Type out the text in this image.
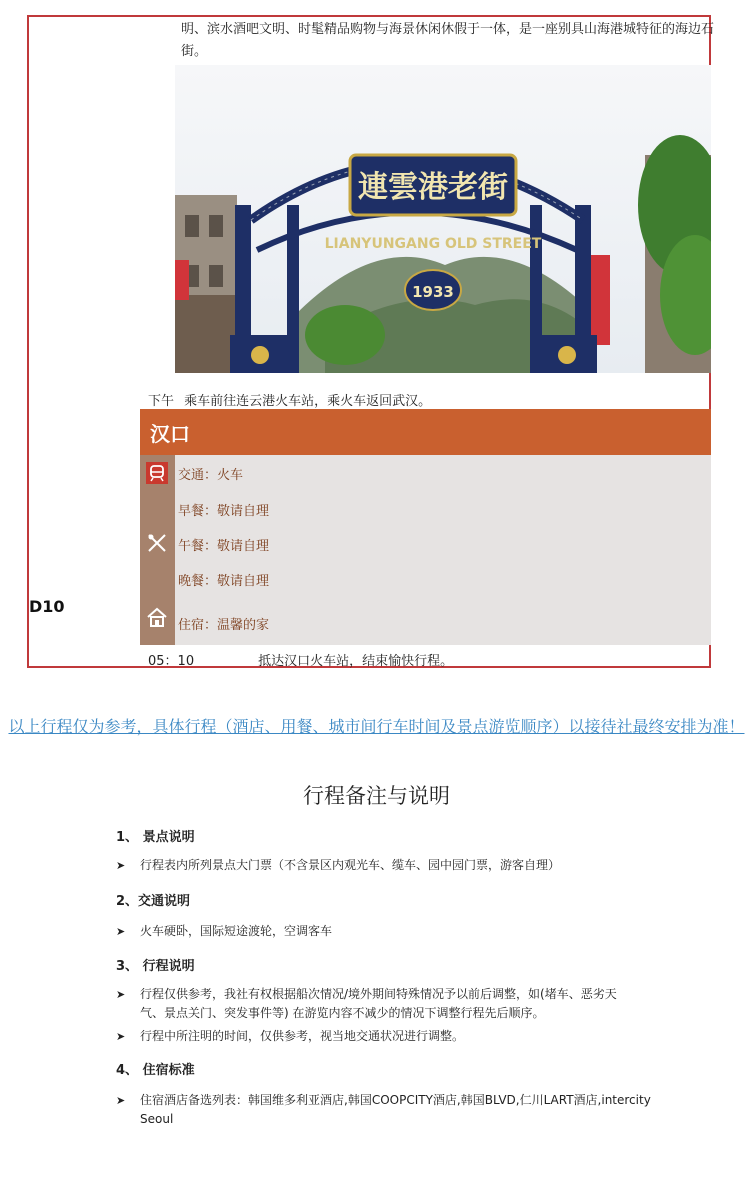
明、滨水酒吧文明、时髦精品购物与海景休闲休假于一体，是一座别具山海港城特征的海边石街。
連雲港老街
LIANYUNGANG OLD STREET
1933
下午 乘车前往连云港火车站，乘火车返回武汉。
汉口
交通：火车
早餐：敬请自理
午餐：敬请自理
晚餐：敬请自理
住宿：温馨的家
D10
05：10	抵达汉口火车站，结束愉快行程。
以上行程仅为参考，具体行程（酒店、用餐、城市间行车时间及景点游览顺序）以接待社最终安排为准！
行程备注与说明
1、 景点说明
➤ 行程表内所列景点大门票（不含景区内观光车、缆车、园中园门票，游客自理）
2、交通说明
➤ 火车硬卧，国际短途渡轮，空调客车
3、 行程说明
➤ 行程仅供参考，我社有权根据船次情况/境外期间特殊情况予以前后调整，如(堵车、恶劣天气、景点关门、突发事件等) 在游览内容不减少的情况下调整行程先后顺序。
➤ 行程中所注明的时间，仅供参考，视当地交通状况进行调整。
4、 住宿标准
➤ 住宿酒店备选列表：韩国维多利亚酒店,韩国COOPCITY酒店,韩国BLVD,仁川LART酒店,intercity Seoul
